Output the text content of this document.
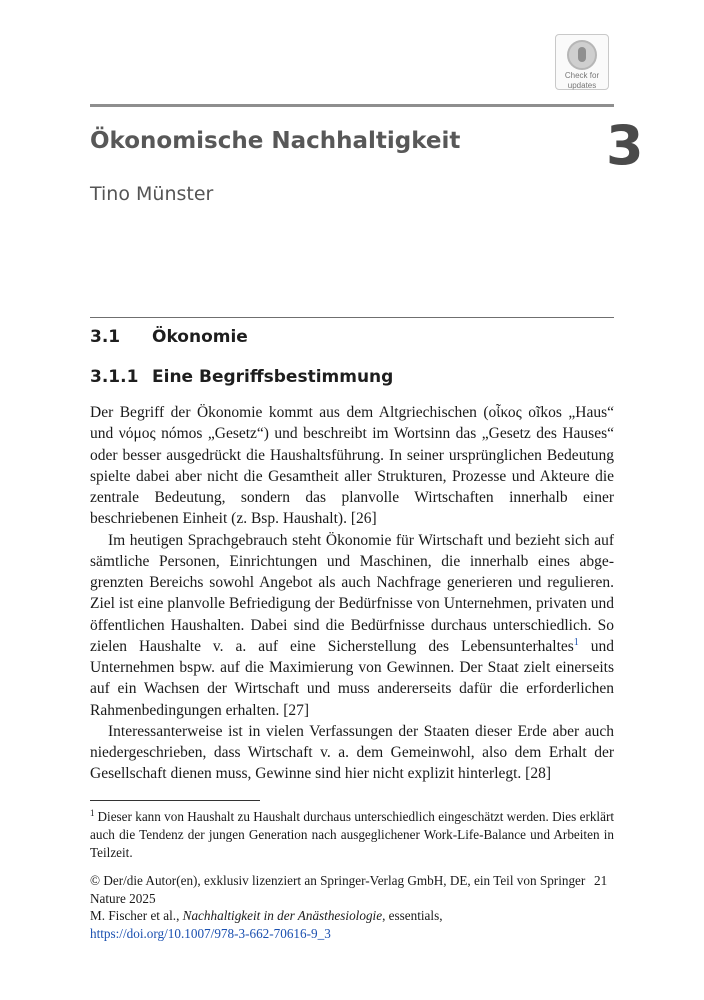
Check for
updates
Ökonomische Nachhaltigkeit	3
Tino Münster
3.1 Ökonomie
3.1.1 Eine Begriffsbestimmung

Der Begriff der Ökonomie kommt aus dem Altgriechischen (οἶκος oĩkos „Haus“ und νόμος nómos „Gesetz“) und beschreibt im Wortsinn das „Gesetz des Hauses“ oder besser ausgedrückt die Haushaltsführung. In seiner ursprünglichen Bedeutung spielte dabei aber nicht die Gesamtheit aller Strukturen, Prozesse und Akteure die zentrale Bedeutung, sondern das planvolle Wirtschaften innerhalb einer beschriebenen Einheit (z. Bsp. Haushalt). [26]

Im heutigen Sprachgebrauch steht Ökonomie für Wirtschaft und bezieht sich auf sämtliche Personen, Einrichtungen und Maschinen, die innerhalb eines abgegrenzten Bereichs sowohl Angebot als auch Nachfrage generieren und regulieren. Ziel ist eine planvolle Befriedigung der Bedürfnisse von Unternehmen, privaten und öffentlichen Haushalten. Dabei sind die Bedürfnisse durchaus unterschiedlich. So zielen Haushalte v. a. auf eine Sicherstellung des Lebensunterhaltes$^1$ und Unternehmen bspw. auf die Maximierung von Gewinnen. Der Staat zielt einerseits auf ein Wachsen der Wirtschaft und muss andererseits dafür die erforderlichen Rahmenbedingungen erhalten. [27]

Interessanterweise ist in vielen Verfassungen der Staaten dieser Erde aber auch niedergeschrieben, dass Wirtschaft v. a. dem Gemeinwohl, also dem Erhalt der Gesellschaft dienen muss, Gewinne sind hier nicht explizit hinterlegt. [28]

$^1$ Dieser kann von Haushalt zu Haushalt durchaus unterschiedlich eingeschätzt werden. Dies erklärt auch die Tendenz der jungen Generation nach ausgeglichener Work-Life-Balance und Arbeiten in Teilzeit.

© Der/die Autor(en), exklusiv lizenziert an Springer-Verlag GmbH, DE, ein Teil von Springer Nature 2025
M. Fischer et al., Nachhaltigkeit in der Anästhesiologie, essentials,
https://doi.org/10.1007/978-3-662-70616-9_3

21
